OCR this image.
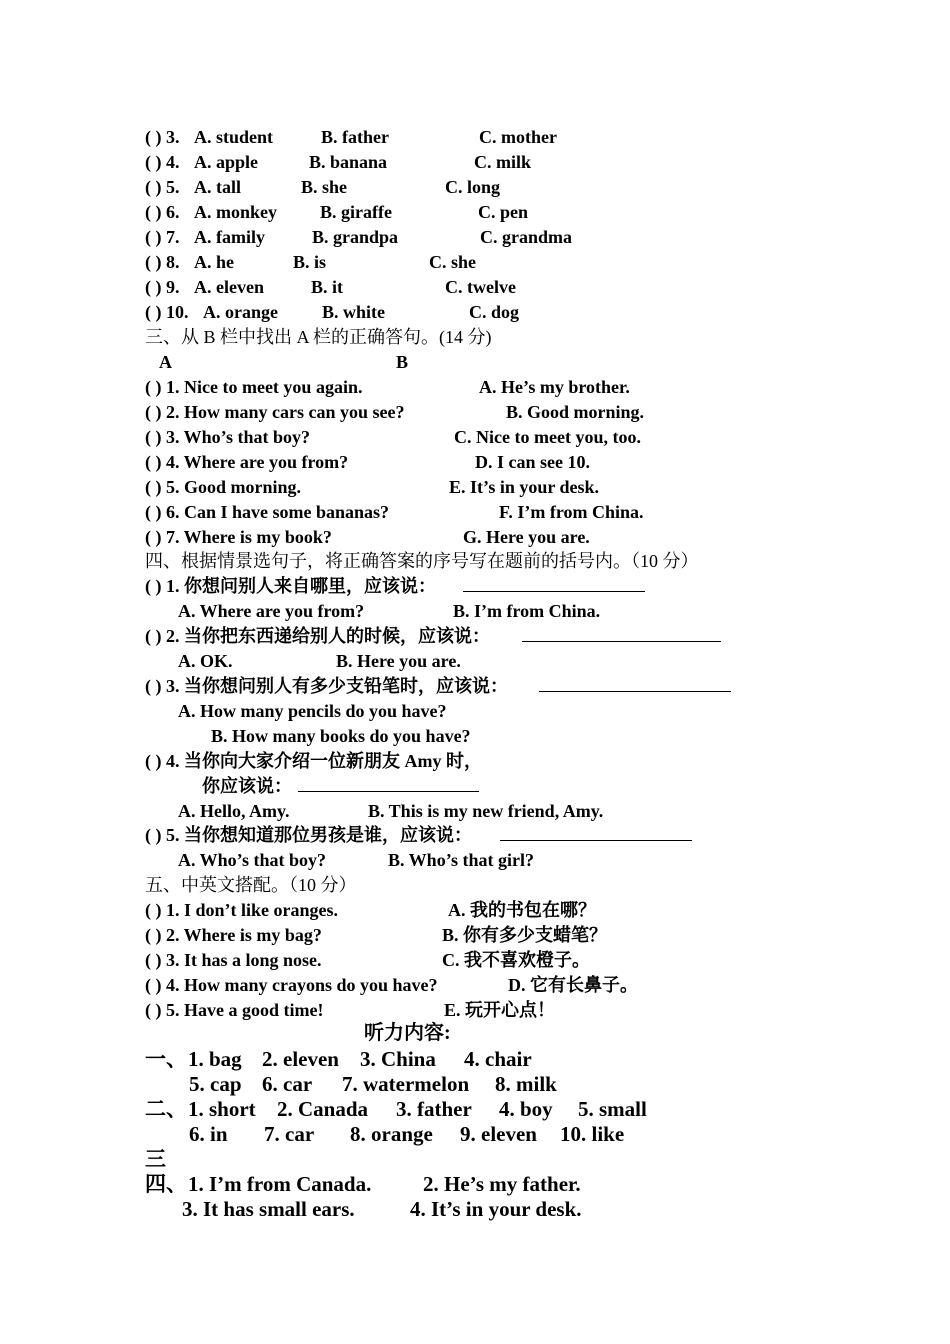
( ) 3. A. student	B. father	C. mother
( ) 4. A. apple	B. banana	C. milk
( ) 5. A. tall	B. she	C. long
( ) 6. A. monkey B. giraffe	C. pen
( ) 7. A. family	B. grandpa	C. grandma
( ) 8. A. he	B. is	C. she
( ) 9. A. eleven	B. it	C. twelve
( ) 10. A. orange B. white	C. dog
三、从 B 栏中找出 A 栏的正确答句。(14 分)
A	B
( ) 1. Nice to meet you again.	A. He’s my brother.
( ) 2. How many cars can you see?	B. Good morning.
( ) 3. Who’s that boy?	C. Nice to meet you, too.
( ) 4. Where are you from?	D. I can see 10.
( ) 5. Good morning.	E. It’s in your desk.
( ) 6. Can I have some bananas?	F. I’m from China.
( ) 7. Where is my book?	G. Here you are.
四、根据情景选句子，将正确答案的序号写在题前的括号内。（10 分）
( ) 1. 你想问别人来自哪里，应该说：
A. Where are you from?	B. I’m from China.
( ) 2. 当你把东西递给别人的时候，应该说：
A. OK.	B. Here you are.
( ) 3. 当你想问别人有多少支铅笔时，应该说：
A. How many pencils do you have?
B. How many books do you have?
( ) 4. 当你向大家介绍一位新朋友 Amy 时，
你应该说：
A. Hello, Amy.	B. This is my new friend, Amy.
( ) 5. 当你想知道那位男孩是谁，应该说：
A. Who’s that boy?	B. Who’s that girl?
五、中英文搭配。（10 分）
( ) 1. I don’t like oranges.	A. 我的书包在哪？
( ) 2. Where is my bag?	B. 你有多少支蜡笔？
( ) 3. It has a long nose.	C. 我不喜欢橙子。
( ) 4. How many crayons do you have?	D. 它有长鼻子。
( ) 5. Have a good time!	E. 玩开心点！
听力内容:
一、 1. bag 2. eleven 3. China 4. chair
5. cap 6. car 7. watermelon 8. milk
二、 1. short 2. Canada 3. father 4. boy 5. small
6. in 7. car 8. orange 9. eleven 10. like
三
四、 1. I’m from Canada. 2. He’s my father.
3. It has small ears.	4. It’s in your desk.
